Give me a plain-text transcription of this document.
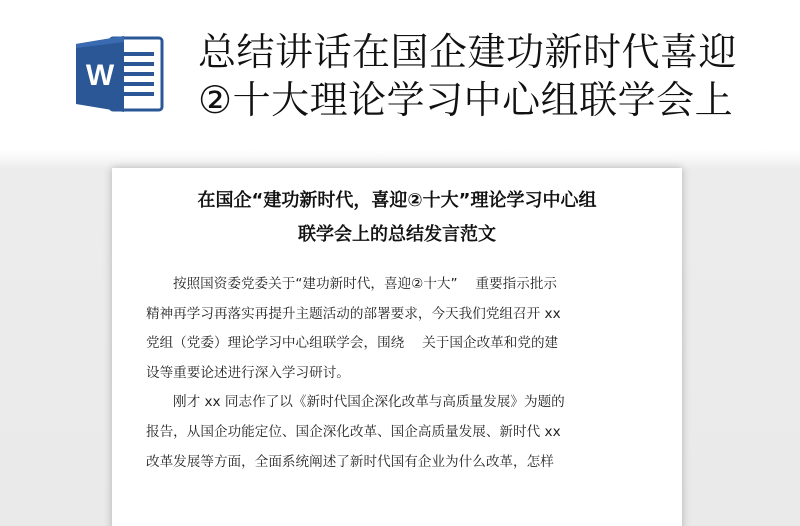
W
总结讲话在国企建功新时代喜迎
②十大理论学习中心组联学会上
在国企“建功新时代，喜迎②十大”理论学习中心组
联学会上的总结发言范文
按照国资委党委关于“建功新时代，喜迎②十大”　 重要指示批示
精神再学习再落实再提升主题活动的部署要求，今天我们党组召开 xx
党组（党委）理论学习中心组联学会，围绕 　关于国企改革和党的建
设等重要论述进行深入学习研讨。
刚才 xx 同志作了以《新时代国企深化改革与高质量发展》为题的
报告，从国企功能定位、国企深化改革、国企高质量发展、新时代 xx
改革发展等方面，全面系统阐述了新时代国有企业为什么改革，怎样
